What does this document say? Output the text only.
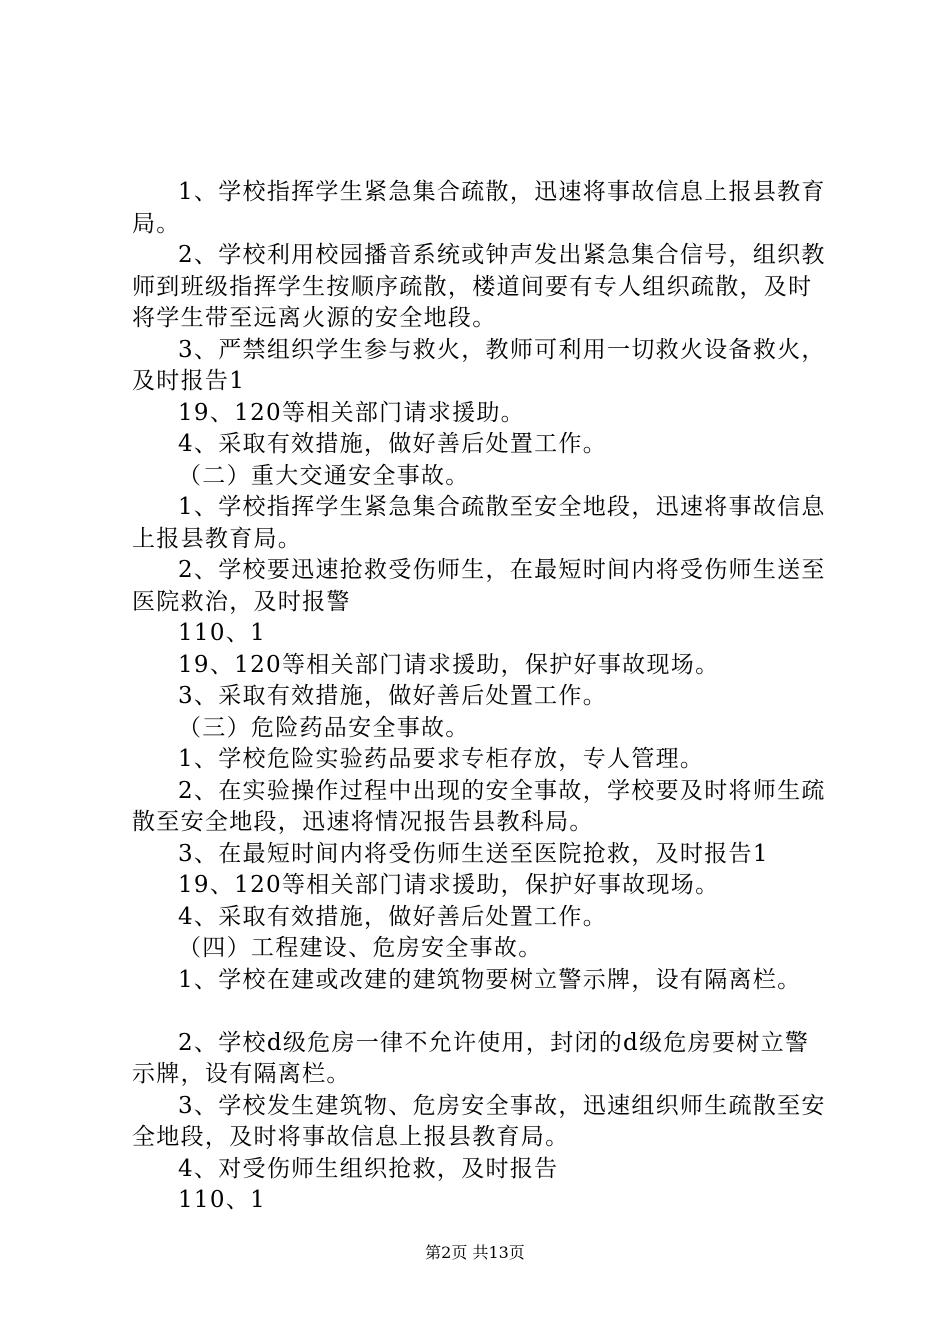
1、学校指挥学生紧急集合疏散，迅速将事故信息上报县教育局。

2、学校利用校园播音系统或钟声发出紧急集合信号，组织教师到班级指挥学生按顺序疏散，楼道间要有专人组织疏散，及时将学生带至远离火源的安全地段。

3、严禁组织学生参与救火，教师可利用一切救火设备救火，及时报告1

19、120等相关部门请求援助。

4、采取有效措施，做好善后处置工作。

（二）重大交通安全事故。

1、学校指挥学生紧急集合疏散至安全地段，迅速将事故信息上报县教育局。

2、学校要迅速抢救受伤师生，在最短时间内将受伤师生送至医院救治，及时报警

110、1

19、120等相关部门请求援助，保护好事故现场。

3、采取有效措施，做好善后处置工作。

（三）危险药品安全事故。

1、学校危险实验药品要求专柜存放，专人管理。

2、在实验操作过程中出现的安全事故，学校要及时将师生疏散至安全地段，迅速将情况报告县教科局。

3、在最短时间内将受伤师生送至医院抢救，及时报告1

19、120等相关部门请求援助，保护好事故现场。

4、采取有效措施，做好善后处置工作。

（四）工程建设、危房安全事故。

1、学校在建或改建的建筑物要树立警示牌，设有隔离栏。

2、学校d级危房一律不允许使用，封闭的d级危房要树立警示牌，设有隔离栏。

3、学校发生建筑物、危房安全事故，迅速组织师生疏散至安全地段，及时将事故信息上报县教育局。

4、对受伤师生组织抢救，及时报告

110、1

第2页 共13页
